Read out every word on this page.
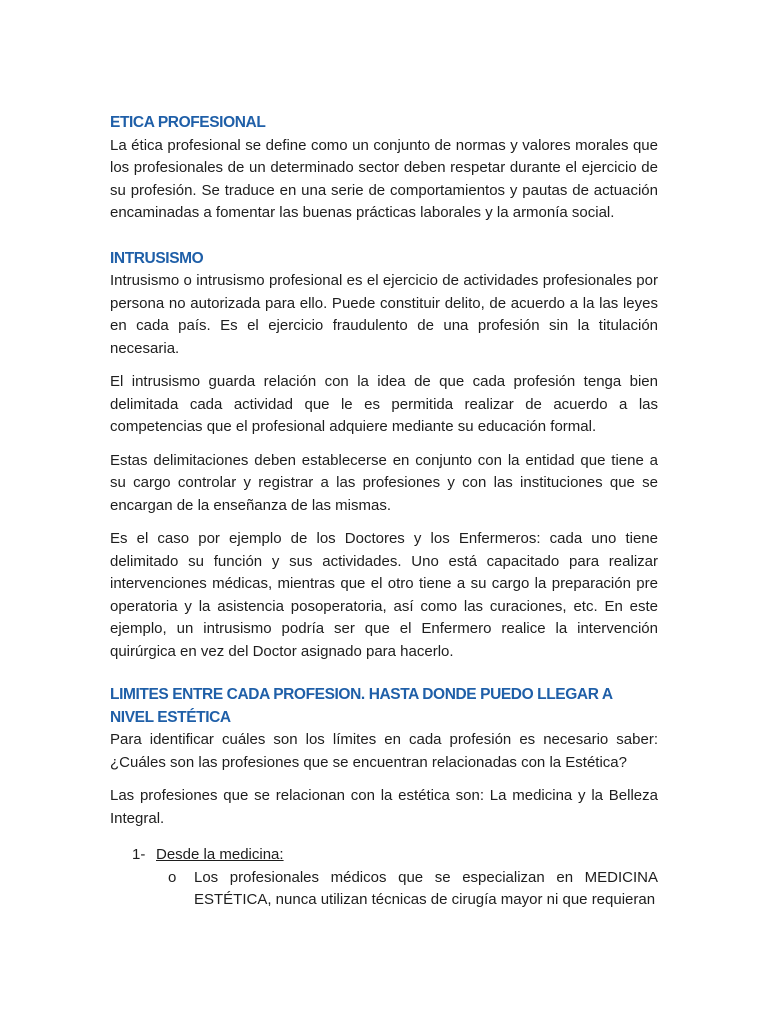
ETICA PROFESIONAL

La ética profesional se define como un conjunto de normas y valores morales que los profesionales de un determinado sector deben respetar durante el ejercicio de su profesión. Se traduce en una serie de comportamientos y pautas de actuación encaminadas a fomentar las buenas prácticas laborales y la armonía social.

INTRUSISMO

Intrusismo o intrusismo profesional es el ejercicio de actividades profesionales por persona no autorizada para ello. Puede constituir delito, de acuerdo a la las leyes en cada país. Es el ejercicio fraudulento de una profesión sin la titulación necesaria.

El intrusismo guarda relación con la idea de que cada profesión tenga bien delimitada cada actividad que le es permitida realizar de acuerdo a las competencias que el profesional adquiere mediante su educación formal.

Estas delimitaciones deben establecerse en conjunto con la entidad que tiene a su cargo controlar y registrar a las profesiones y con las instituciones que se encargan de la enseñanza de las mismas.

Es el caso por ejemplo de los Doctores y los Enfermeros: cada uno tiene delimitado su función y sus actividades. Uno está capacitado para realizar intervenciones médicas, mientras que el otro tiene a su cargo la preparación pre operatoria y la asistencia posoperatoria, así como las curaciones, etc. En este ejemplo, un intrusismo podría ser que el Enfermero realice la intervención quirúrgica en vez del Doctor asignado para hacerlo.

LIMITES ENTRE CADA PROFESION. HASTA DONDE PUEDO LLEGAR A NIVEL ESTÉTICA

Para identificar cuáles son los límites en cada profesión es necesario saber: ¿Cuáles son las profesiones que se encuentran relacionadas con la Estética?

Las profesiones que se relacionan con la estética son: La medicina y la Belleza Integral.

1- Desde la medicina:
o	Los profesionales médicos que se especializan en MEDICINA ESTÉTICA, nunca utilizan técnicas de cirugía mayor ni que requieran
